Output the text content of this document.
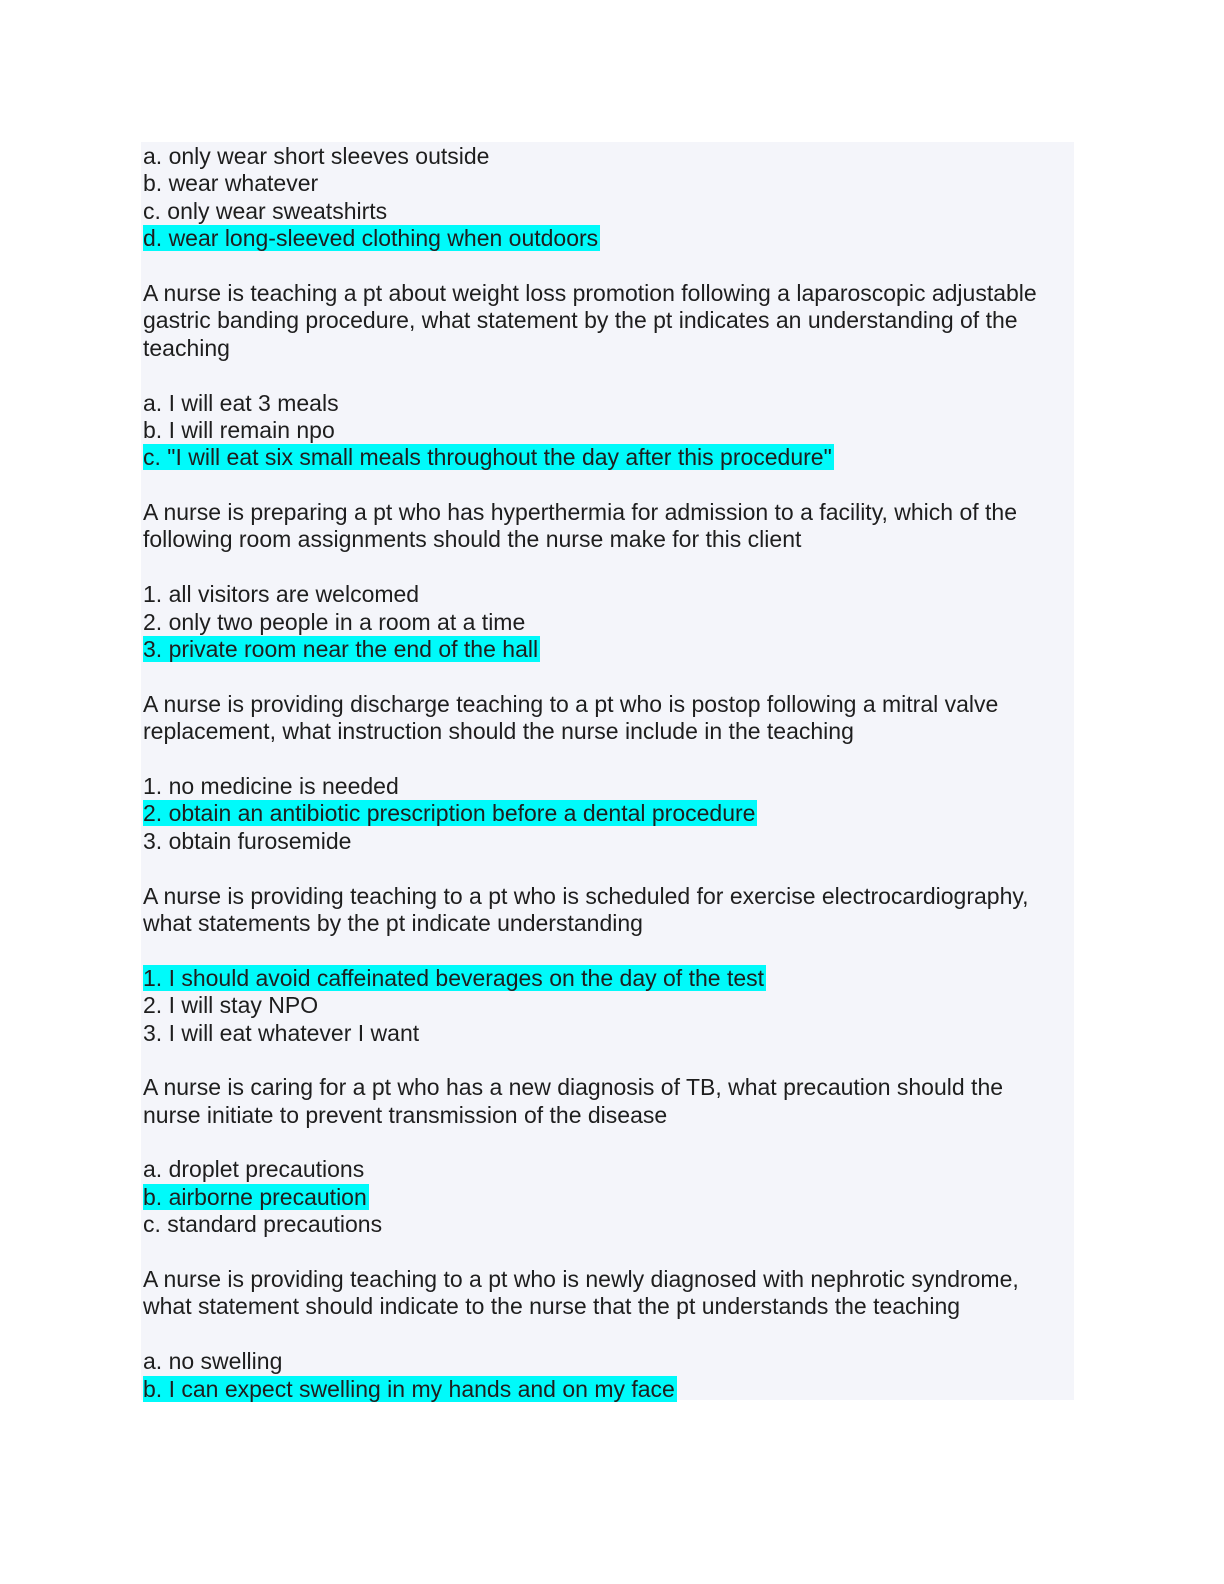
a. only wear short sleeves outside
b. wear whatever
c. only wear sweatshirts
d. wear long-sleeved clothing when outdoors
A nurse is teaching a pt about weight loss promotion following a laparoscopic adjustable
gastric banding procedure, what statement by the pt indicates an understanding of the
teaching
a. I will eat 3 meals
b. I will remain npo
c. "I will eat six small meals throughout the day after this procedure"
A nurse is preparing a pt who has hyperthermia for admission to a facility, which of the
following room assignments should the nurse make for this client
1. all visitors are welcomed
2. only two people in a room at a time
3. private room near the end of the hall
A nurse is providing discharge teaching to a pt who is postop following a mitral valve
replacement, what instruction should the nurse include in the teaching
1. no medicine is needed
2. obtain an antibiotic prescription before a dental procedure
3. obtain furosemide
A nurse is providing teaching to a pt who is scheduled for exercise electrocardiography,
what statements by the pt indicate understanding
1. I should avoid caffeinated beverages on the day of the test
2. I will stay NPO
3. I will eat whatever I want
A nurse is caring for a pt who has a new diagnosis of TB, what precaution should the
nurse initiate to prevent transmission of the disease
a. droplet precautions
b. airborne precaution
c. standard precautions
A nurse is providing teaching to a pt who is newly diagnosed with nephrotic syndrome,
what statement should indicate to the nurse that the pt understands the teaching
a. no swelling
b. I can expect swelling in my hands and on my face
